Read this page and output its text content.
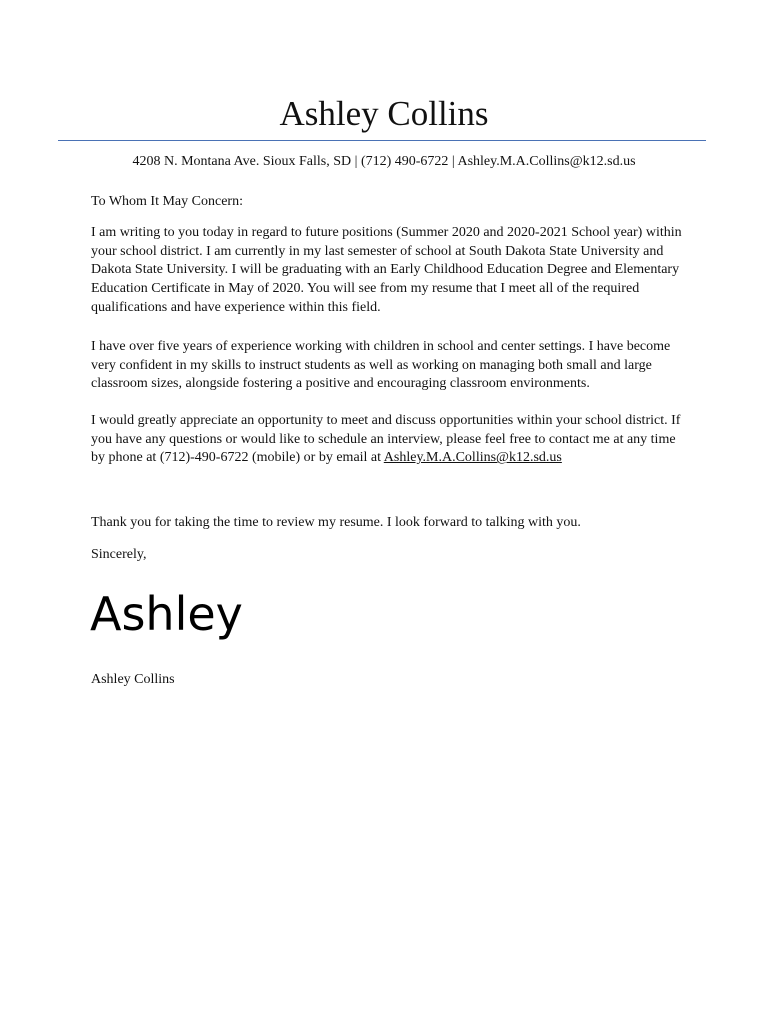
Ashley Collins
4208 N. Montana Ave. Sioux Falls, SD | (712) 490-6722 | Ashley.M.A.Collins@k12.sd.us

To Whom It May Concern:

I am writing to you today in regard to future positions (Summer 2020 and 2020-2021 School year) within your school district. I am currently in my last semester of school at South Dakota State University and Dakota State University. I will be graduating with an Early Childhood Education Degree and Elementary Education Certificate in May of 2020. You will see from my resume that I meet all of the required qualifications and have experience within this field.

I have over five years of experience working with children in school and center settings. I have become very confident in my skills to instruct students as well as working on managing both small and large classroom sizes, alongside fostering a positive and encouraging classroom environments.

I would greatly appreciate an opportunity to meet and discuss opportunities within your school district. If you have any questions or would like to schedule an interview, please feel free to contact me at any time by phone at (712)-490-6722 (mobile) or by email at Ashley.M.A.Collins@k12.sd.us

Thank you for taking the time to review my resume. I look forward to talking with you.

Sincerely,

Ashley

Ashley Collins
